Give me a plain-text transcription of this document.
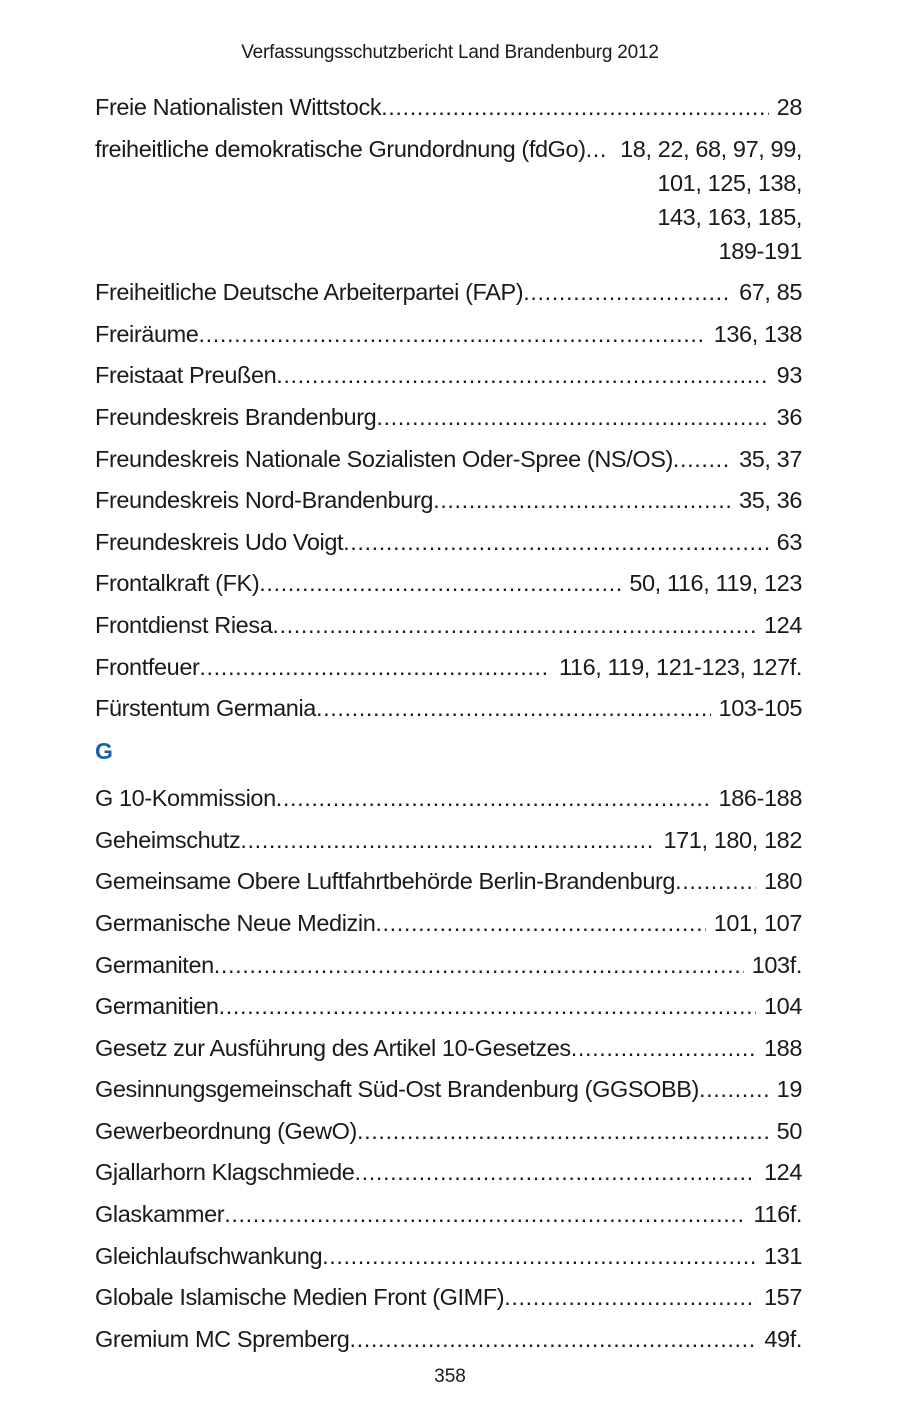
Verfassungsschutzbericht Land Brandenburg 2012
Freie Nationalisten Wittstock .....	28
freiheitliche demokratische Grundordnung (fdGo) .....	18, 22, 68, 97, 99, 101, 125, 138, 143, 163, 185, 189-191
Freiheitliche Deutsche Arbeiterpartei (FAP) .....	67, 85
Freiräume .....	136, 138
Freistaat Preußen .....	93
Freundeskreis Brandenburg .....	36
Freundeskreis Nationale Sozialisten Oder-Spree (NS/OS) .....	35, 37
Freundeskreis Nord-Brandenburg .....	35, 36
Freundeskreis Udo Voigt .....	63
Frontalkraft (FK) .....	50, 116, 119, 123
Frontdienst Riesa .....	124
Frontfeuer .....	116, 119, 121-123, 127f.
Fürstentum Germania .....	103-105
G
G 10-Kommission .....	186-188
Geheimschutz .....	171, 180, 182
Gemeinsame Obere Luftfahrtbehörde Berlin-Brandenburg .....	180
Germanische Neue Medizin .....	101, 107
Germaniten .....	103f.
Germanitien .....	104
Gesetz zur Ausführung des Artikel 10-Gesetzes .....	188
Gesinnungsgemeinschaft Süd-Ost Brandenburg (GGSOBB) .....	19
Gewerbeordnung (GewO) .....	50
Gjallarhorn Klagschmiede .....	124
Glaskammer .....	116f.
Gleichlaufschwankung .....	131
Globale Islamische Medien Front (GIMF) .....	157
Gremium MC Spremberg .....	49f.
358
